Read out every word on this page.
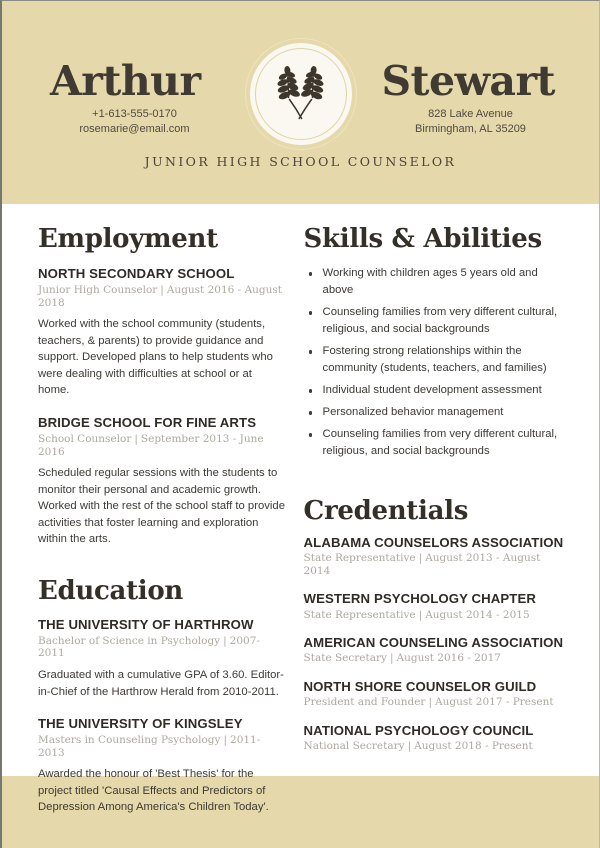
Arthur	Stewart
+1-613-555-0170
rosemarie@email.com
828 Lake Avenue
Birmingham, AL 35209
JUNIOR HIGH SCHOOL COUNSELOR
Employment
NORTH SECONDARY SCHOOL
Junior High Counselor | August 2016 - August 2018

Worked with the school community (students, teachers, & parents) to provide guidance and support. Developed plans to help students who were dealing with difficulties at school or at home.

BRIDGE SCHOOL FOR FINE ARTS
School Counselor | September 2013 - June 2016

Scheduled regular sessions with the students to monitor their personal and academic growth. Worked with the rest of the school staff to provide activities that foster learning and exploration within the arts.

Education
THE UNIVERSITY OF HARTHROW
Bachelor of Science in Psychology | 2007-2011

Graduated with a cumulative GPA of 3.60. Editor-in-Chief of the Harthrow Herald from 2010-2011.

THE UNIVERSITY OF KINGSLEY
Masters in Counseling Psychology | 2011-2013

Awarded the honour of 'Best Thesis' for the project titled 'Causal Effects and Predictors of Depression Among America's Children Today'.

Skills & Abilities
Working with children ages 5 years old and above
Counseling families from very different cultural, religious, and social backgrounds
Fostering strong relationships within the community (students, teachers, and families)
Individual student development assessment
Personalized behavior management
Counseling families from very different cultural, religious, and social backgrounds
Credentials
ALABAMA COUNSELORS ASSOCIATION
State Representative | August 2013 - August 2014
WESTERN PSYCHOLOGY CHAPTER
State Representative | August 2014 - 2015
AMERICAN COUNSELING ASSOCIATION
State Secretary | August 2016 - 2017
NORTH SHORE COUNSELOR GUILD
President and Founder | August 2017 - Present
NATIONAL PSYCHOLOGY COUNCIL
National Secretary | August 2018 - Present
